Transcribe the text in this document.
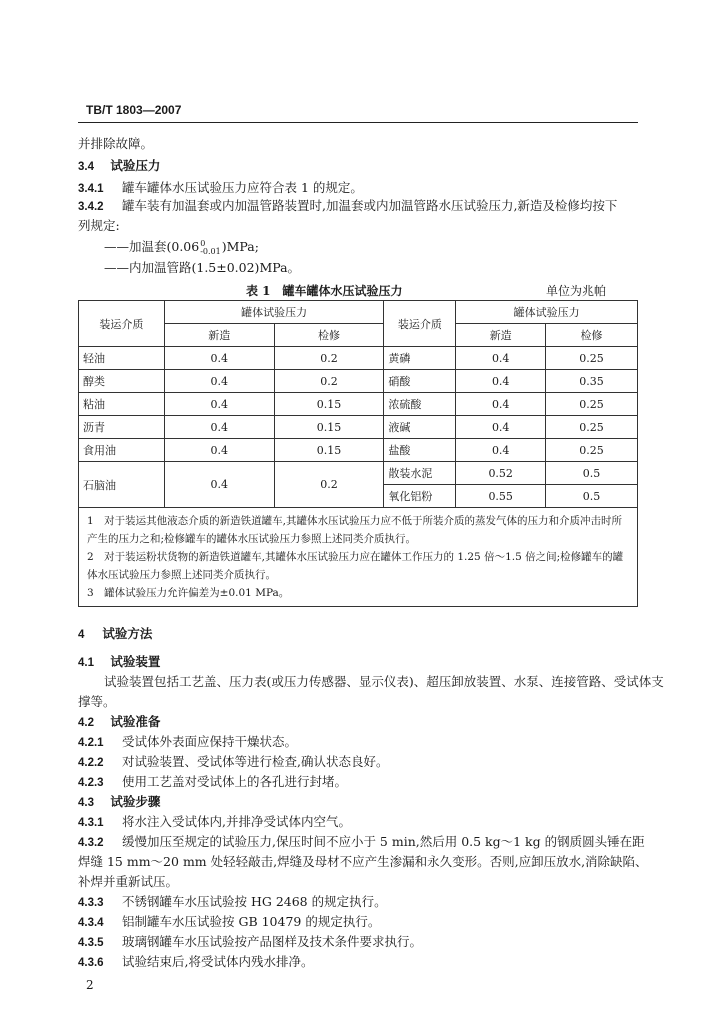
TB/T 1803—2007
并排除故障。
3.4 试验压力
3.4.1 罐车罐体水压试验压力应符合表 1 的规定。
3.4.2 罐车装有加温套或内加温管路装置时,加温套或内加温管路水压试验压力,新造及检修均按下
列规定:
——加温套(0.06 0
-0.01 )MPa;
——内加温管路(1.5±0.02)MPa。
表 1　罐车罐体水压试验压力	单位为兆帕
装运介质	罐体试验压力		装运介质	罐体试验压力	
	新造	检修		新造	检修
轻油	0.4	0.2	黄磷	0.4	0.25
醇类	0.4	0.2	硝酸	0.4	0.35
粘油	0.4	0.15	浓硫酸	0.4	0.25
沥青	0.4	0.15	液碱	0.4	0.25
食用油	0.4	0.15	盐酸	0.4	0.25
石脑油	0.4	0.2	散装水泥	0.52	0.5
			氧化铝粉	0.55	0.5

1　对于装运其他液态介质的新造铁道罐车,其罐体水压试验压力应不低于所装介质的蒸发气体的压力和介质冲击时所产生的压力之和;检修罐车的罐体水压试验压力参照上述同类介质执行。
2　对于装运粉状货物的新造铁道罐车,其罐体水压试验压力应在罐体工作压力的 1.25 倍～1.5 倍之间;检修罐车的罐体水压试验压力参照上述同类介质执行。
3　罐体试验压力允许偏差为±0.01 MPa。					
4 试验方法
4.1 试验装置
试验装置包括工艺盖、压力表(或压力传感器、显示仪表)、超压卸放装置、水泵、连接管路、受试体支
撑等。
4.2 试验准备
4.2.1 受试体外表面应保持干燥状态。
4.2.2 对试验装置、受试体等进行检查,确认状态良好。
4.2.3 使用工艺盖对受试体上的各孔进行封堵。
4.3 试验步骤
4.3.1 将水注入受试体内,并排净受试体内空气。
4.3.2 缓慢加压至规定的试验压力,保压时间不应小于 5 min,然后用 0.5 kg～1 kg 的钢质圆头锤在距
焊缝 15 mm～20 mm 处轻轻敲击,焊缝及母材不应产生渗漏和永久变形。否则,应卸压放水,消除缺陷、
补焊并重新试压。
4.3.3 不锈钢罐车水压试验按 HG 2468 的规定执行。
4.3.4 铝制罐车水压试验按 GB 10479 的规定执行。
4.3.5 玻璃钢罐车水压试验按产品图样及技术条件要求执行。
4.3.6 试验结束后,将受试体内残水排净。
2
